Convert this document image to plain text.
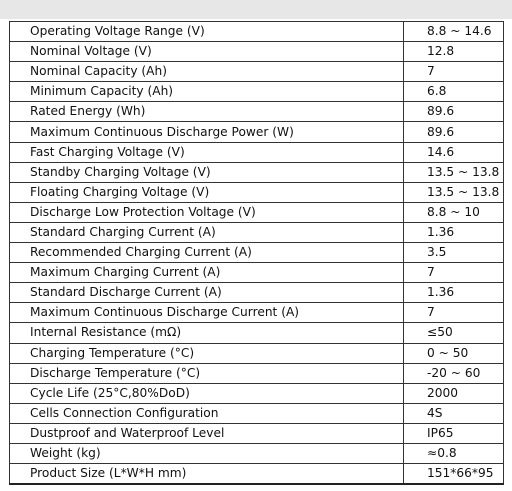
Operating Voltage Range (V)	8.8 ~ 14.6
Nominal Voltage (V)	12.8
Nominal Capacity (Ah)	7
Minimum Capacity (Ah)	6.8
Rated Energy (Wh)	89.6
Maximum Continuous Discharge Power (W)	89.6
Fast Charging Voltage (V)	14.6
Standby Charging Voltage (V)	13.5 ~ 13.8
Floating Charging Voltage (V)	13.5 ~ 13.8
Discharge Low Protection Voltage (V)	8.8 ~ 10
Standard Charging Current (A)	1.36
Recommended Charging Current (A)	3.5
Maximum Charging Current (A)	7
Standard Discharge Current (A)	1.36
Maximum Continuous Discharge Current (A)	7
Internal Resistance (mΩ)	≤50
Charging Temperature (°C)	0 ~ 50
Discharge Temperature (°C)	-20 ~ 60
Cycle Life (25°C,80%DoD)	2000
Cells Connection Configuration	4S
Dustproof and Waterproof Level	IP65
Weight (kg)	≈0.8
Product Size (L*W*H mm)	151*66*95
